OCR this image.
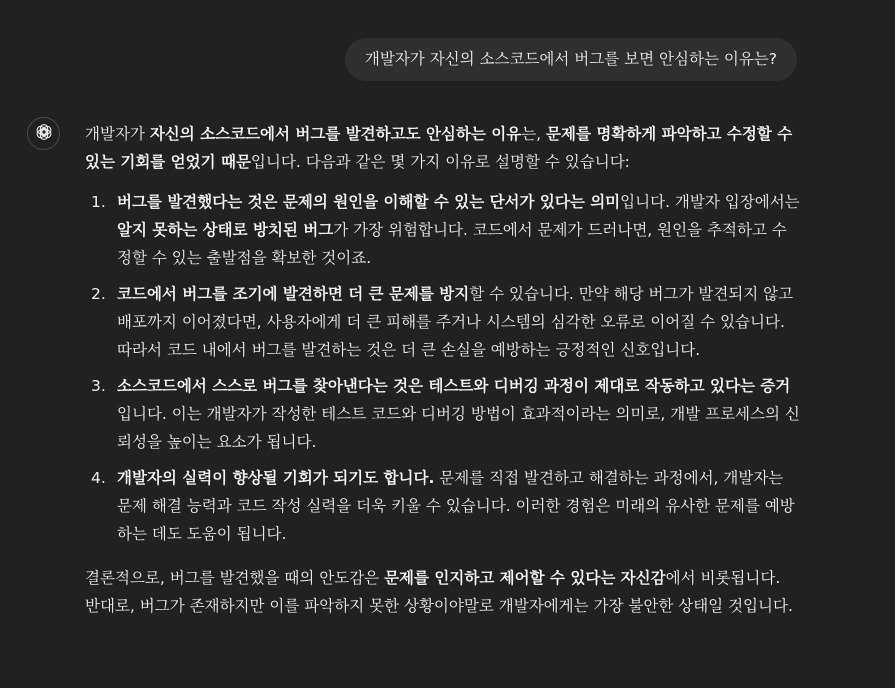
개발자가 자신의 소스코드에서 버그를 보면 안심하는 이유는?

개발자가 자신의 소스코드에서 버그를 발견하고도 안심하는 이유는, 문제를 명확하게 파악하고 수정할 수 있는 기회를 얻었기 때문입니다. 다음과 같은 몇 가지 이유로 설명할 수 있습니다:

1. 버그를 발견했다는 것은 문제의 원인을 이해할 수 있는 단서가 있다는 의미입니다. 개발자 입장에서는 알지 못하는 상태로 방치된 버그가 가장 위험합니다. 코드에서 문제가 드러나면, 원인을 추적하고 수정할 수 있는 출발점을 확보한 것이죠.
2. 코드에서 버그를 조기에 발견하면 더 큰 문제를 방지할 수 있습니다. 만약 해당 버그가 발견되지 않고 배포까지 이어졌다면, 사용자에게 더 큰 피해를 주거나 시스템의 심각한 오류로 이어질 수 있습니다. 따라서 코드 내에서 버그를 발견하는 것은 더 큰 손실을 예방하는 긍정적인 신호입니다.
3. 소스코드에서 스스로 버그를 찾아낸다는 것은 테스트와 디버깅 과정이 제대로 작동하고 있다는 증거입니다. 이는 개발자가 작성한 테스트 코드와 디버깅 방법이 효과적이라는 의미로, 개발 프로세스의 신뢰성을 높이는 요소가 됩니다.
4. 개발자의 실력이 향상될 기회가 되기도 합니다. 문제를 직접 발견하고 해결하는 과정에서, 개발자는 문제 해결 능력과 코드 작성 실력을 더욱 키울 수 있습니다. 이러한 경험은 미래의 유사한 문제를 예방하는 데도 도움이 됩니다.

결론적으로, 버그를 발견했을 때의 안도감은 문제를 인지하고 제어할 수 있다는 자신감에서 비롯됩니다. 반대로, 버그가 존재하지만 이를 파악하지 못한 상황이야말로 개발자에게는 가장 불안한 상태일 것입니다.
